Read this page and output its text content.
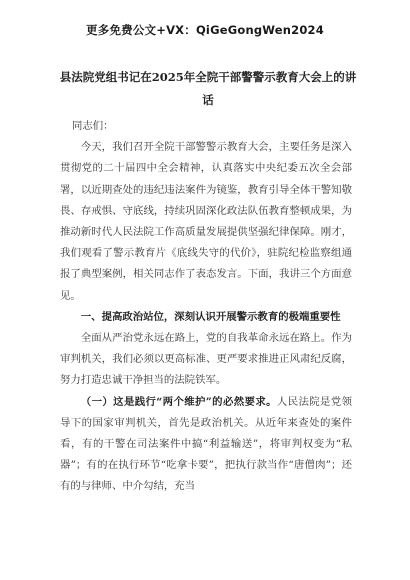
更多免费公文+VX：QiGeGongWen2024
县法院党组书记在2025年全院干部警警示教育大会上的讲话

同志们：

今天，我们召开全院干部警警示教育大会，主要任务是深入贯彻党的二十届四中全会精神，认真落实中央纪委五次全会部署，以近期查处的违纪违法案件为镜鉴，教育引导全体干警知敬畏、存戒惧、守底线，持续巩固深化政法队伍教育整顿成果，为推动新时代人民法院工作高质量发展提供坚强纪律保障。刚才，我们观看了警示教育片《底线失守的代价》，驻院纪检监察组通报了典型案例，相关同志作了表态发言。下面，我讲三个方面意见。

一、提高政治站位，深刻认识开展警示教育的极端重要性

全面从严治党永远在路上，党的自我革命永远在路上。作为审判机关，我们必须以更高标准、更严要求推进正风肃纪反腐，努力打造忠诚干净担当的法院铁军。

（一）这是践行“两个维护”的必然要求。人民法院是党领导下的国家审判机关，首先是政治机关。从近年来查处的案件看，有的干警在司法案件中搞“利益输送”，将审判权变为“私器”；有的在执行环节“吃拿卡要”，把执行款当作“唐僧肉”；还有的与律师、中介勾结，充当
